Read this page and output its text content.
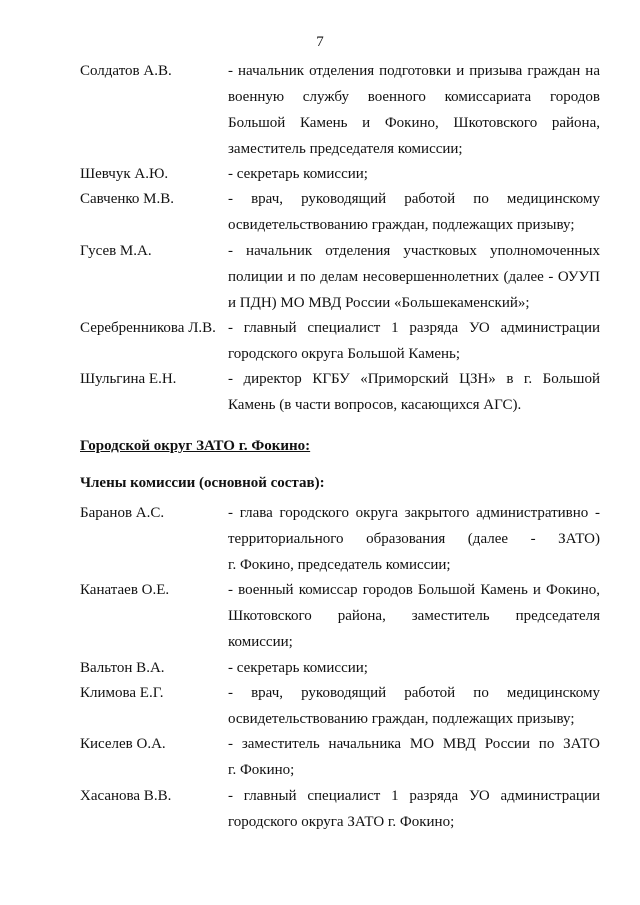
7
Солдатов А.В.	- начальник отделения подготовки и призыва граждан на
военную службу военного комиссариата городов
Большой Камень и Фокино, Шкотовского района,
заместитель председателя комиссии;
Шевчук А.Ю.	- секретарь комиссии;
Савченко М.В.	- врач, руководящий работой по медицинскому
освидетельствованию граждан, подлежащих призыву;
Гусев М.А.	- начальник отделения участковых уполномоченных
полиции и по делам несовершеннолетних (далее - ОУУП
и ПДН) МО МВД России «Большекаменский»;
Серебренникова Л.В. - главный специалист 1 разряда УО администрации
городского округа Большой Камень;
Шульгина Е.Н.	- директор КГБУ «Приморский ЦЗН» в г. Большой
Камень (в части вопросов, касающихся АГС).
Баранов А.С.	- глава городского округа закрытого административно -
территориального образования (далее - ЗАТО)
г. Фокино, председатель комиссии;
Канатаев О.Е.	- военный комиссар городов Большой Камень и Фокино,
Шкотовского района, заместитель председателя
комиссии;
Вальтон В.А.	- секретарь комиссии;
Климова Е.Г.	- врач, руководящий работой по медицинскому
освидетельствованию граждан, подлежащих призыву;
Киселев О.А.	- заместитель начальника МО МВД России по ЗАТО
г. Фокино;
Хасанова В.В.	- главный специалист 1 разряда УО администрации
городского округа ЗАТО г. Фокино;
Городской округ ЗАТО г. Фокино:
Члены комиссии (основной состав):
